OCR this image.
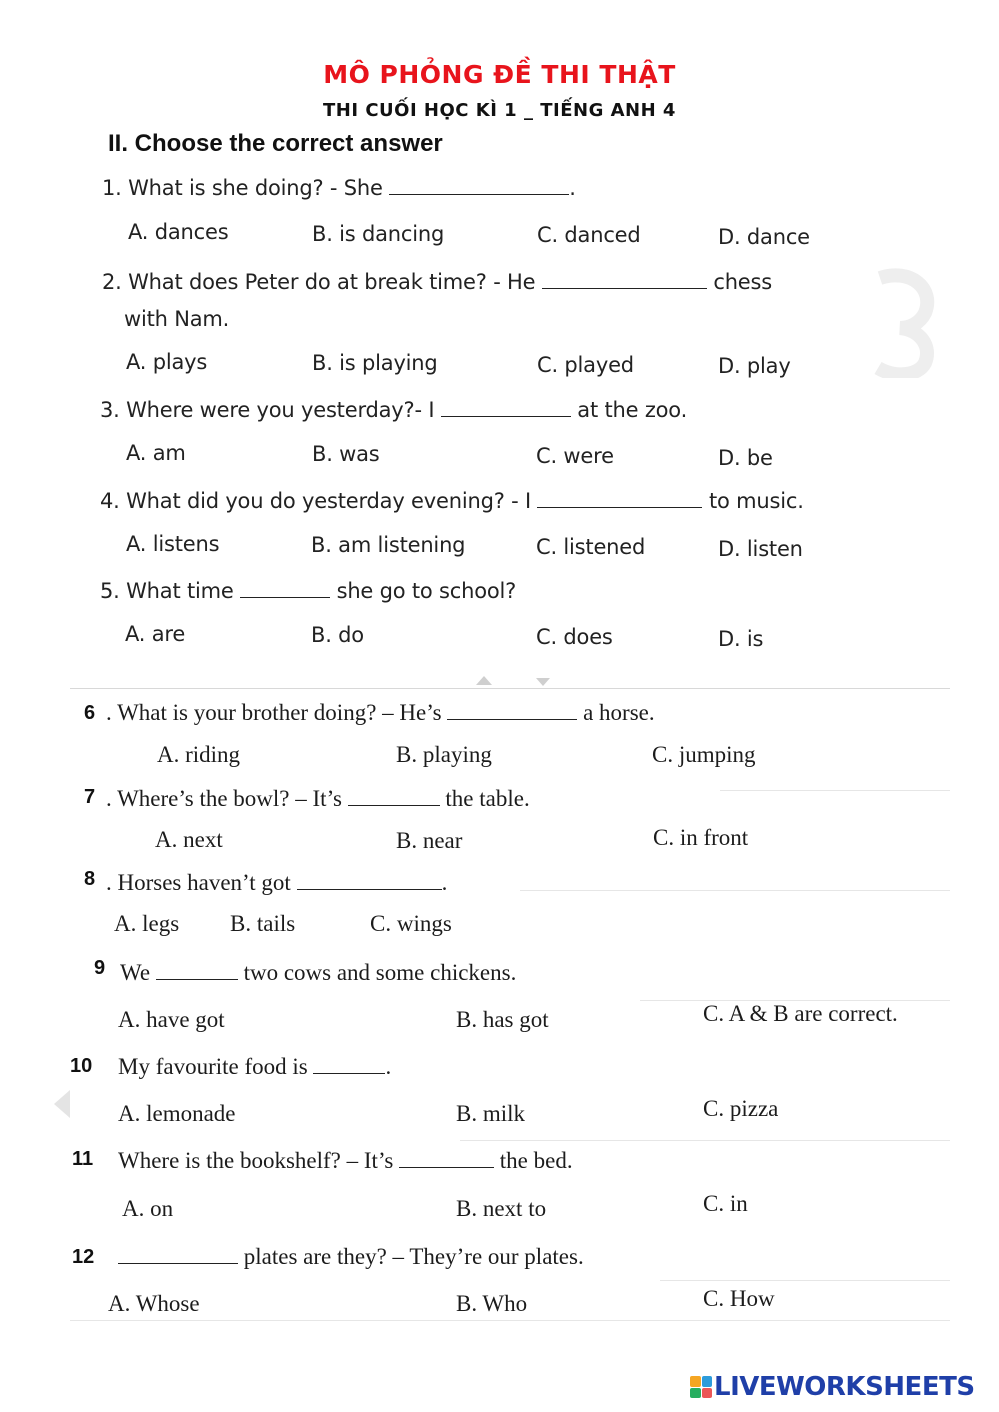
MÔ PHỎNG ĐỀ THI THẬT
THI CUỐI HỌC KÌ 1 _ TIẾNG ANH 4
II. Choose the correct answer
1. What is she doing? - She	.
A. dances	B. is dancing	C. danced	D. dance
2. What does Peter do at break time? - He	chess
with Nam.
A. plays	B. is playing	C. played	D. play
3. Where were you yesterday?- I	at the zoo.
A. am	B. was	C. were	D. be
4. What did you do yesterday evening? - I	to music.
A. listens	B. am listening	C. listened	D. listen
5. What time	she go to school?
A. are	B. do	C. does	D. is
6 . What is your brother doing? – He’s	a horse.
A. riding	B. playing	C. jumping
7 . Where’s the bowl? – It’s	the table.
A. next	B. near	C. in front
8 . Horses haven’t got	.
A. legs B. tails	C. wings
9 We	two cows and some chickens.
A. have got	B. has got	C. A & B are correct.
10 My favourite food is	.
A. lemonade	B. milk	C. pizza
11 Where is the bookshelf? – It’s	the bed.
A. on	B. next to	C. in
12	plates are they? – They’re our plates.
A. Whose	B. Who	C. How
LIVEWORKSHEETS
